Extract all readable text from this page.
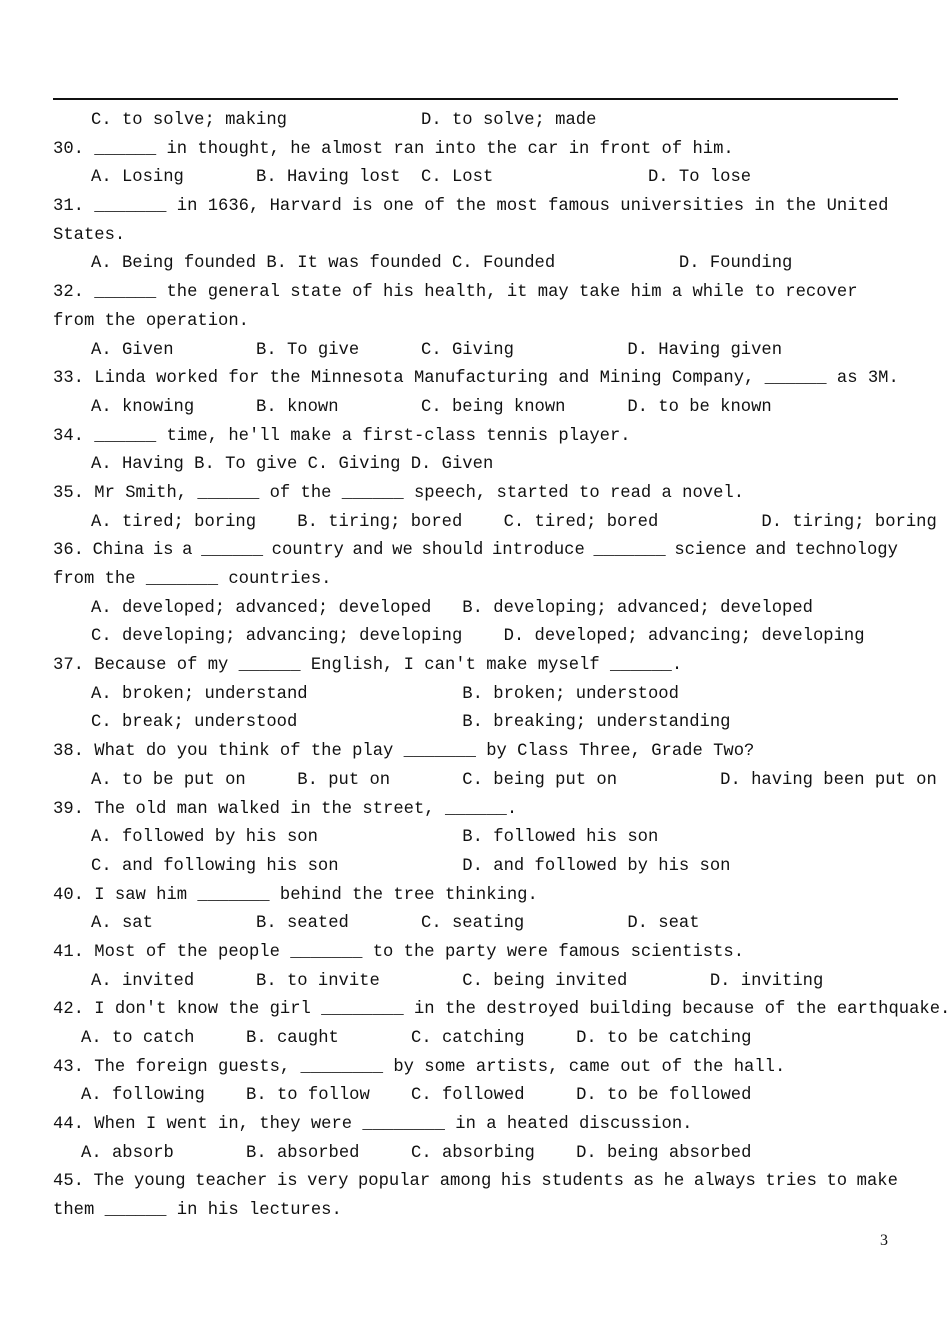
C. to solve; making             D. to solve; made
30. ______ in thought, he almost ran into the car in front of him.
A. Losing       B. Having lost  C. Lost               D. To lose
31. _______ in 1636, Harvard is one of the most famous universities in the United
States.
A. Being founded B. It was founded C. Founded            D. Founding
32. ______ the general state of his health, it may take him a while to recover
from the operation.
A. Given        B. To give      C. Giving           D. Having given
33. Linda worked for the Minnesota Manufacturing and Mining Company, ______ as 3M.
A. knowing      B. known        C. being known      D. to be known
34. ______ time, he'll make a first-class tennis player.
A. Having B. To give C. Giving D. Given
35. Mr Smith, ______ of the ______ speech, started to read a novel.
A. tired; boring    B. tiring; bored    C. tired; bored          D. tiring; boring
36. China is a ______ country and we should introduce _______ science and technology
from the _______ countries.
A. developed; advanced; developed   B. developing; advanced; developed
C. developing; advancing; developing    D. developed; advancing; developing
37. Because of my ______ English, I can't make myself ______.
A. broken; understand               B. broken; understood
C. break; understood                B. breaking; understanding
38. What do you think of the play _______ by Class Three, Grade Two?
A. to be put on     B. put on       C. being put on          D. having been put on
39. The old man walked in the street, ______.
A. followed by his son              B. followed his son
C. and following his son            D. and followed by his son
40. I saw him _______ behind the tree thinking.
A. sat          B. seated       C. seating          D. seat
41. Most of the people _______ to the party were famous scientists.
A. invited      B. to invite        C. being invited        D. inviting
42. I don't know the girl ________ in the destroyed building because of the earthquake.
A. to catch     B. caught       C. catching     D. to be catching
43. The foreign guests, ________ by some artists, came out of the hall.
A. following    B. to follow    C. followed     D. to be followed
44. When I went in, they were ________ in a heated discussion.
A. absorb       B. absorbed     C. absorbing    D. being absorbed
45. The young teacher is very popular among his students as he always tries to make
them ______ in his lectures.
3
